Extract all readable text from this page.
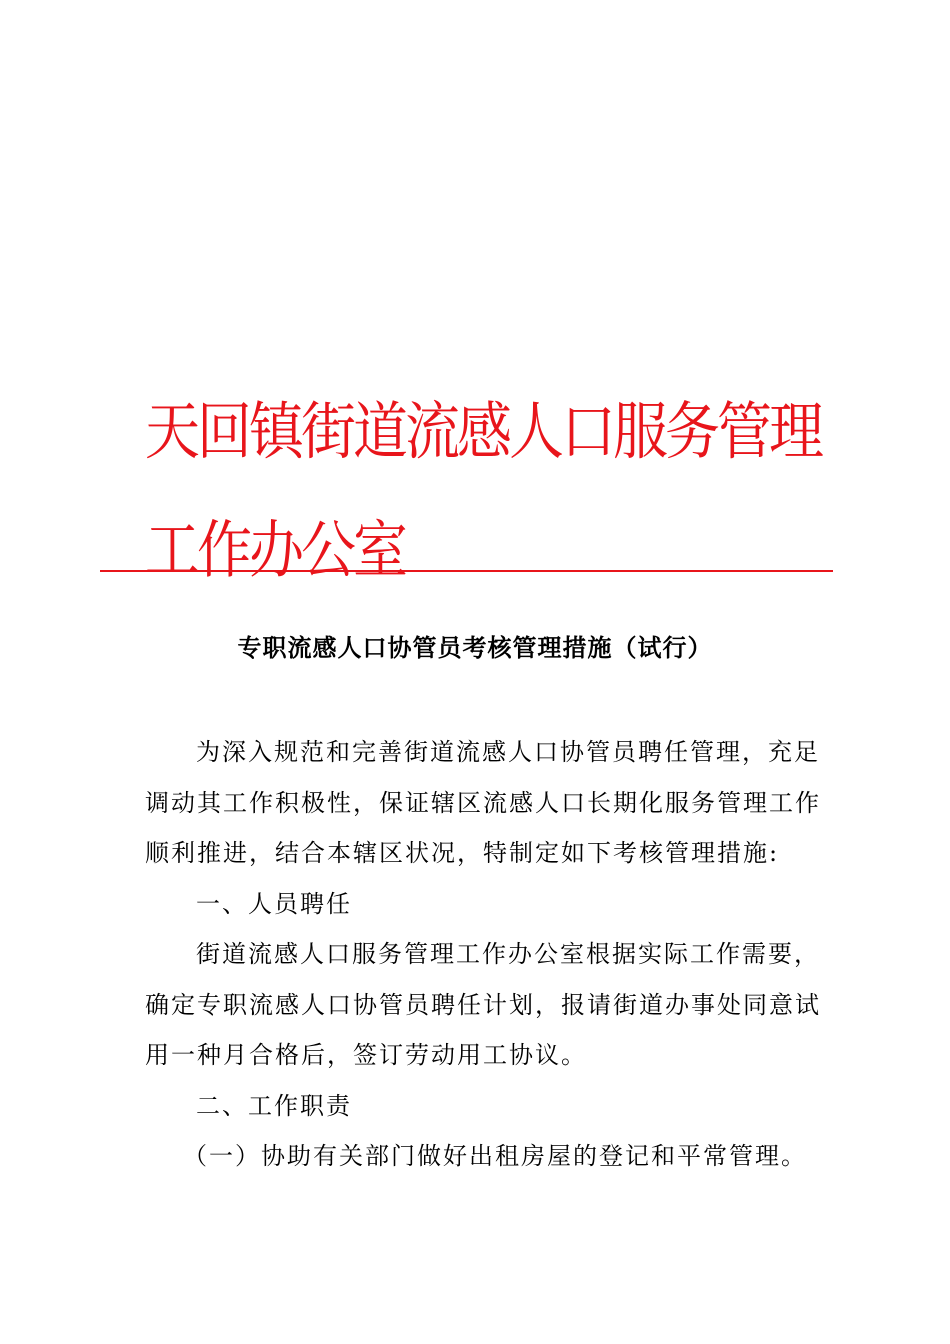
天回镇街道流感人口服务管理工作办公室
专职流感人口协管员考核管理措施（试行）

为深入规范和完善街道流感人口协管员聘任管理，充足调动其工作积极性，保证辖区流感人口长期化服务管理工作顺利推进，结合本辖区状况，特制定如下考核管理措施:

一、人员聘任

街道流感人口服务管理工作办公室根据实际工作需要，确定专职流感人口协管员聘任计划，报请街道办事处同意试用一种月合格后，签订劳动用工协议。

二、工作职责

（一）协助有关部门做好出租房屋的登记和平常管理。
